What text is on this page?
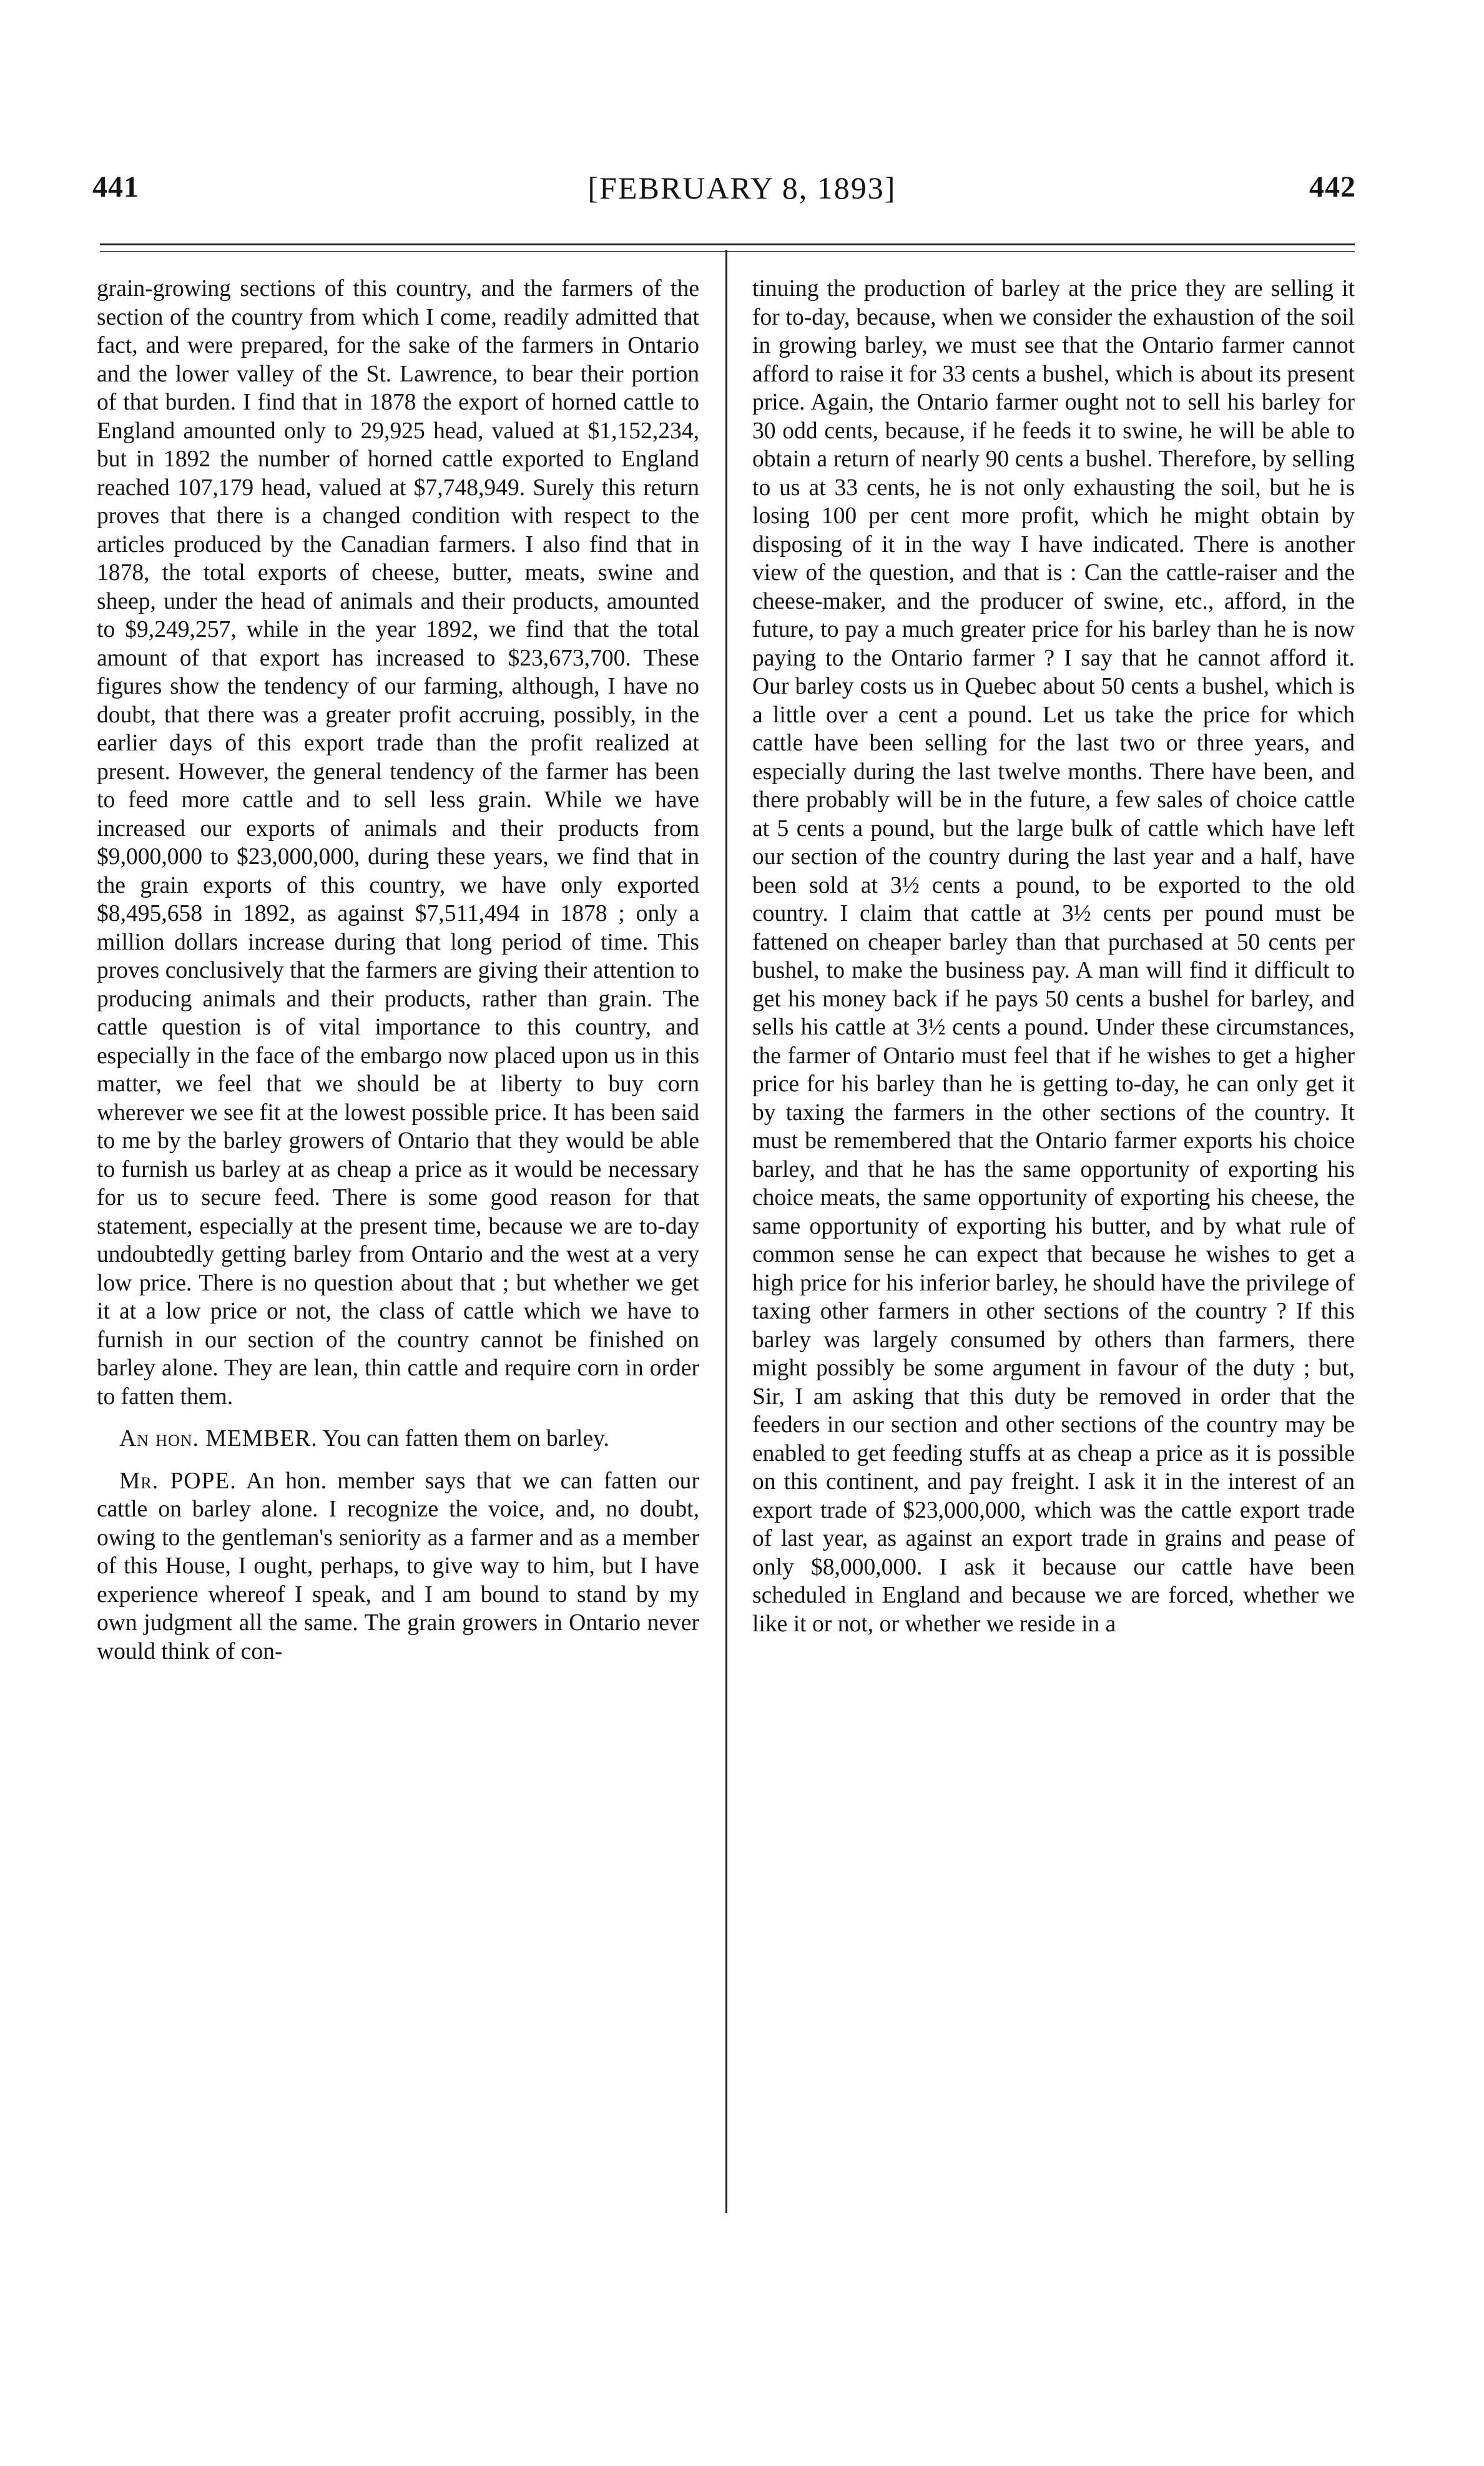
441	[FEBRUARY 8, 1893]	442

grain-growing sections of this country, and the farmers of the section of the country from which I come, readily admitted that fact, and were prepared, for the sake of the farmers in Ontario and the lower valley of the St. Lawrence, to bear their portion of that burden. I find that in 1878 the export of horned cattle to England amounted only to 29,925 head, valued at $1,152,234, but in 1892 the number of horned cattle exported to England reached 107,179 head, valued at $7,748,949. Surely this return proves that there is a changed condition with respect to the articles produced by the Canadian farmers. I also find that in 1878, the total exports of cheese, butter, meats, swine and sheep, under the head of animals and their products, amounted to $9,249,257, while in the year 1892, we find that the total amount of that export has increased to $23,673,700. These figures show the tendency of our farming, although, I have no doubt, that there was a greater profit accruing, possibly, in the earlier days of this export trade than the profit realized at present. However, the general tendency of the farmer has been to feed more cattle and to sell less grain. While we have increased our exports of animals and their products from $9,000,000 to $23,000,000, during these years, we find that in the grain exports of this country, we have only exported $8,495,658 in 1892, as against $7,511,494 in 1878 ; only a million dollars increase during that long period of time. This proves conclusively that the farmers are giving their attention to producing animals and their products, rather than grain. The cattle question is of vital importance to this country, and especially in the face of the embargo now placed upon us in this matter, we feel that we should be at liberty to buy corn wherever we see fit at the lowest possible price. It has been said to me by the barley growers of Ontario that they would be able to furnish us barley at as cheap a price as it would be necessary for us to secure feed. There is some good reason for that statement, especially at the present time, because we are to-day undoubtedly getting barley from Ontario and the west at a very low price. There is no question about that ; but whether we get it at a low price or not, the class of cattle which we have to furnish in our section of the country cannot be finished on barley alone. They are lean, thin cattle and require corn in order to fatten them.

An hon. MEMBER. You can fatten them on barley.

Mr. POPE. An hon. member says that we can fatten our cattle on barley alone. I recognize the voice, and, no doubt, owing to the gentleman's seniority as a farmer and as a member of this House, I ought, perhaps, to give way to him, but I have experience whereof I speak, and I am bound to stand by my own judgment all the same. The grain growers in Ontario never would think of con-

tinuing the production of barley at the price they are selling it for to-day, because, when we consider the exhaustion of the soil in growing barley, we must see that the Ontario farmer cannot afford to raise it for 33 cents a bushel, which is about its present price. Again, the Ontario farmer ought not to sell his barley for 30 odd cents, because, if he feeds it to swine, he will be able to obtain a return of nearly 90 cents a bushel. Therefore, by selling to us at 33 cents, he is not only exhausting the soil, but he is losing 100 per cent more profit, which he might obtain by disposing of it in the way I have indicated. There is another view of the question, and that is : Can the cattle-raiser and the cheese-maker, and the producer of swine, etc., afford, in the future, to pay a much greater price for his barley than he is now paying to the Ontario farmer ? I say that he cannot afford it. Our barley costs us in Quebec about 50 cents a bushel, which is a little over a cent a pound. Let us take the price for which cattle have been selling for the last two or three years, and especially during the last twelve months. There have been, and there probably will be in the future, a few sales of choice cattle at 5 cents a pound, but the large bulk of cattle which have left our section of the country during the last year and a half, have been sold at 3½ cents a pound, to be exported to the old country. I claim that cattle at 3½ cents per pound must be fattened on cheaper barley than that purchased at 50 cents per bushel, to make the business pay. A man will find it difficult to get his money back if he pays 50 cents a bushel for barley, and sells his cattle at 3½ cents a pound. Under these circumstances, the farmer of Ontario must feel that if he wishes to get a higher price for his barley than he is getting to-day, he can only get it by taxing the farmers in the other sections of the country. It must be remembered that the Ontario farmer exports his choice barley, and that he has the same opportunity of exporting his choice meats, the same opportunity of exporting his cheese, the same opportunity of exporting his butter, and by what rule of common sense he can expect that because he wishes to get a high price for his inferior barley, he should have the privilege of taxing other farmers in other sections of the country ? If this barley was largely consumed by others than farmers, there might possibly be some argument in favour of the duty ; but, Sir, I am asking that this duty be removed in order that the feeders in our section and other sections of the country may be enabled to get feeding stuffs at as cheap a price as it is possible on this continent, and pay freight. I ask it in the interest of an export trade of $23,000,000, which was the cattle export trade of last year, as against an export trade in grains and pease of only $8,000,000. I ask it because our cattle have been scheduled in England and because we are forced, whether we like it or not, or whether we reside in a
